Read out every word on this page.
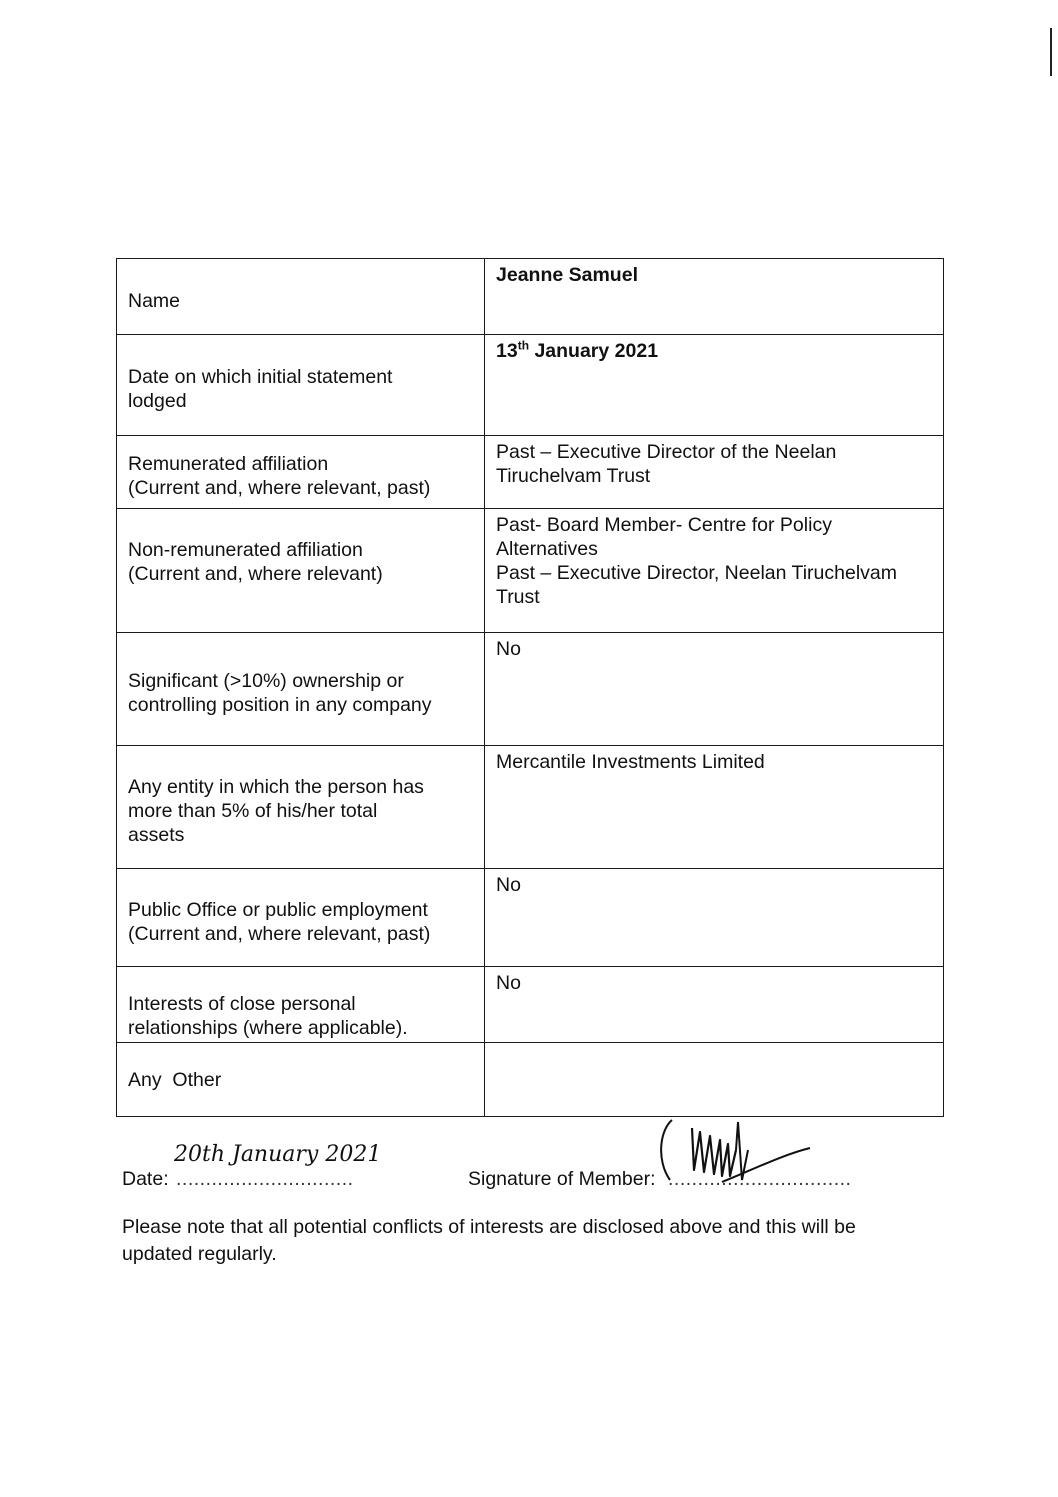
Name	Jeanne Samuel

Date on which initial statement
lodged	13th January 2021

Remunerated affiliation
(Current and, where relevant, past)	Past – Executive Director of the Neelan
Tiruchelvam Trust

Non-remunerated affiliation
(Current and, where relevant)	Past- Board Member- Centre for Policy
Alternatives
Past – Executive Director, Neelan Tiruchelvam
Trust

Significant (>10%) ownership or
controlling position in any company	No

Any entity in which the person has
more than 5% of his/her total
assets	Mercantile Investments Limited

Public Office or public employment
(Current and, where relevant, past)	No

Interests of close personal
relationships (where applicable).	No

Any  Other	

Date: ..............................
20th January 2021
Signature of Member: ...............................
Please note that all potential conflicts of interests are disclosed above and this will be
updated regularly.
